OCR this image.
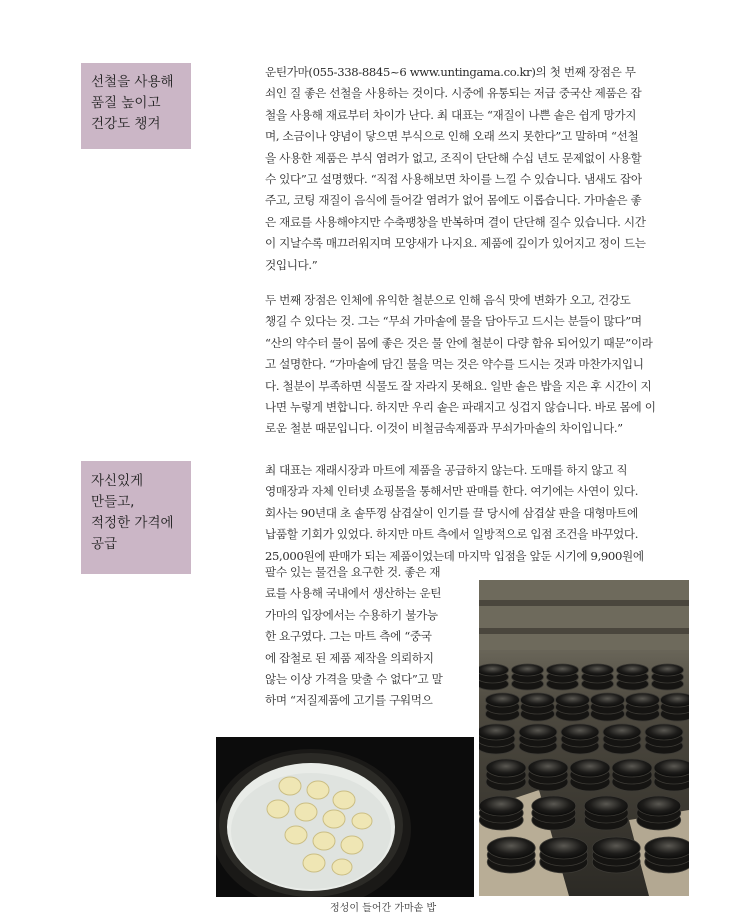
선철을 사용해
품질 높이고
건강도 챙겨
자신있게
만들고,
적정한 가격에
공급
운틴가마(055-338-8845~6 www.untingama.co.kr)의 첫 번째 장점은 무
쇠인 질 좋은 선철을 사용하는 것이다. 시중에 유통되는 저급 중국산 제품은 잡
철을 사용해 재료부터 차이가 난다. 최 대표는 “재질이 나쁜 솥은 쉽게 망가지
며, 소금이나 양념이 닿으면 부식으로 인해 오래 쓰지 못한다”고 말하며 “선철
을 사용한 제품은 부식 염려가 없고, 조직이 단단해 수십 년도 문제없이 사용할
수 있다”고 설명했다. “직접 사용해보면 차이를 느낄 수 있습니다. 냄새도 잡아
주고, 코팅 재질이 음식에 들어갈 염려가 없어 몸에도 이롭습니다. 가마솥은 좋
은 재료를 사용해야지만 수축팽창을 반복하며 결이 단단해 질수 있습니다. 시간
이 지날수록 매끄러워지며 모양새가 나지요. 제품에 깊이가 있어지고 정이 드는
것입니다.”
두 번째 장점은 인체에 유익한 철분으로 인해 음식 맛에 변화가 오고, 건강도
챙길 수 있다는 것. 그는 “무쇠 가마솥에 물을 담아두고 드시는 분들이 많다”며
“산의 약수터 물이 몸에 좋은 것은 물 안에 철분이 다량 함유 되어있기 때문”이라
고 설명한다. “가마솥에 담긴 물을 먹는 것은 약수를 드시는 것과 마찬가지입니
다. 철분이 부족하면 식물도 잘 자라지 못해요. 일반 솥은 밥을 지은 후 시간이 지
나면 누렇게 변합니다. 하지만 우리 솥은 파래지고 싱겁지 않습니다. 바로 몸에 이
로운 철분 때문입니다. 이것이 비철금속제품과 무쇠가마솥의 차이입니다.”
최 대표는 재래시장과 마트에 제품을 공급하지 않는다. 도매를 하지 않고 직
영매장과 자체 인터넷 쇼핑몰을 통해서만 판매를 한다. 여기에는 사연이 있다.
회사는 90년대 초 솥뚜껑 삼겹살이 인기를 끌 당시에 삼겹살 판을 대형마트에
납품할 기회가 있었다. 하지만 마트 측에서 일방적으로 입점 조건을 바꾸었다.
25,000원에 판매가 되는 제품이었는데 마지막 입점을 앞둔 시기에 9,900원에
팔수 있는 물건을 요구한 것. 좋은 재
료를 사용해 국내에서 생산하는 운틴
가마의 입장에서는 수용하기 불가능
한 요구였다. 그는 마트 측에 “중국
에 잡철로 된 제품 제작을 의뢰하지
않는 이상 가격을 맞출 수 없다”고 말
하며 “저질제품에 고기를 구워먹으
정성이 들어간 가마솥 밥
